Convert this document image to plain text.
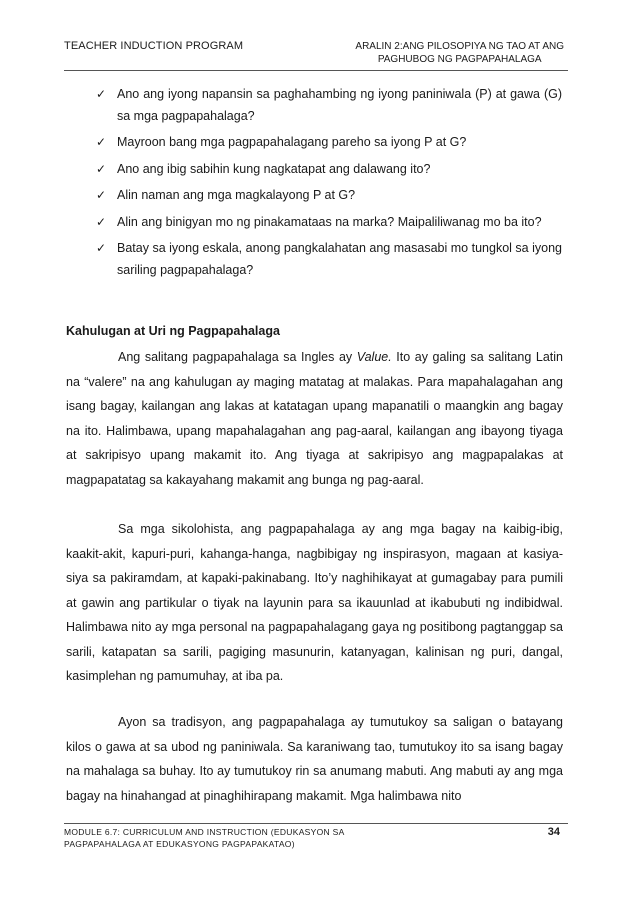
TEACHER INDUCTION PROGRAM	ARALIN 2:ANG PILOSOPIYA NG TAO AT ANG
PAGHUBOG NG PAGPAPAHALAGA
✓ Ano ang iyong napansin sa paghahambing ng iyong paniniwala (P) at gawa (G) sa mga pagpapahalaga?
✓ Mayroon bang mga pagpapahalagang pareho sa iyong P at G?
✓ Ano ang ibig sabihin kung nagkatapat ang dalawang ito?
✓ Alin naman ang mga magkalayong P at G?
✓ Alin ang binigyan mo ng pinakamataas na marka? Maipaliliwanag mo ba ito?
✓ Batay sa iyong eskala, anong pangkalahatan ang masasabi mo tungkol sa iyong sariling pagpapahalaga?
Kahulugan at Uri ng Pagpapahalaga

Ang salitang pagpapahalaga sa Ingles ay Value. Ito ay galing sa salitang Latin na “valere” na ang kahulugan ay maging matatag at malakas. Para mapahalagahan ang isang bagay, kailangan ang lakas at katatagan upang mapanatili o maangkin ang bagay na ito. Halimbawa, upang mapahalagahan ang pag-aaral, kailangan ang ibayong tiyaga at sakripisyo upang makamit ito. Ang tiyaga at sakripisyo ang magpapalakas at magpapatatag sa kakayahang makamit ang bunga ng pag-aaral.

Sa mga sikolohista, ang pagpapahalaga ay ang mga bagay na kaibig-ibig, kaakit-akit, kapuri-puri, kahanga-hanga, nagbibigay ng inspirasyon, magaan at kasiya-siya sa pakiramdam, at kapaki-pakinabang. Ito’y naghihikayat at gumagabay para pumili at gawin ang partikular o tiyak na layunin para sa ikauunlad at ikabubuti ng indibidwal. Halimbawa nito ay mga personal na pagpapahalagang gaya ng positibong pagtanggap sa sarili, katapatan sa sarili, pagiging masunurin, katanyagan, kalinisan ng puri, dangal, kasimplehan ng pamumuhay, at iba pa.

Ayon sa tradisyon, ang pagpapahalaga ay tumutukoy sa saligan o batayang kilos o gawa at sa ubod ng paniniwala. Sa karaniwang tao, tumutukoy ito sa isang bagay na mahalaga sa buhay. Ito ay tumutukoy rin sa anumang mabuti. Ang mabuti ay ang mga bagay na hinahangad at pinaghihirapang makamit. Mga halimbawa nito

MODULE 6.7: CURRICULUM AND INSTRUCTION (EDUKASYON SA PAGPAPAHALAGA AT EDUKASYONG PAGPAPAKATAO)
34
